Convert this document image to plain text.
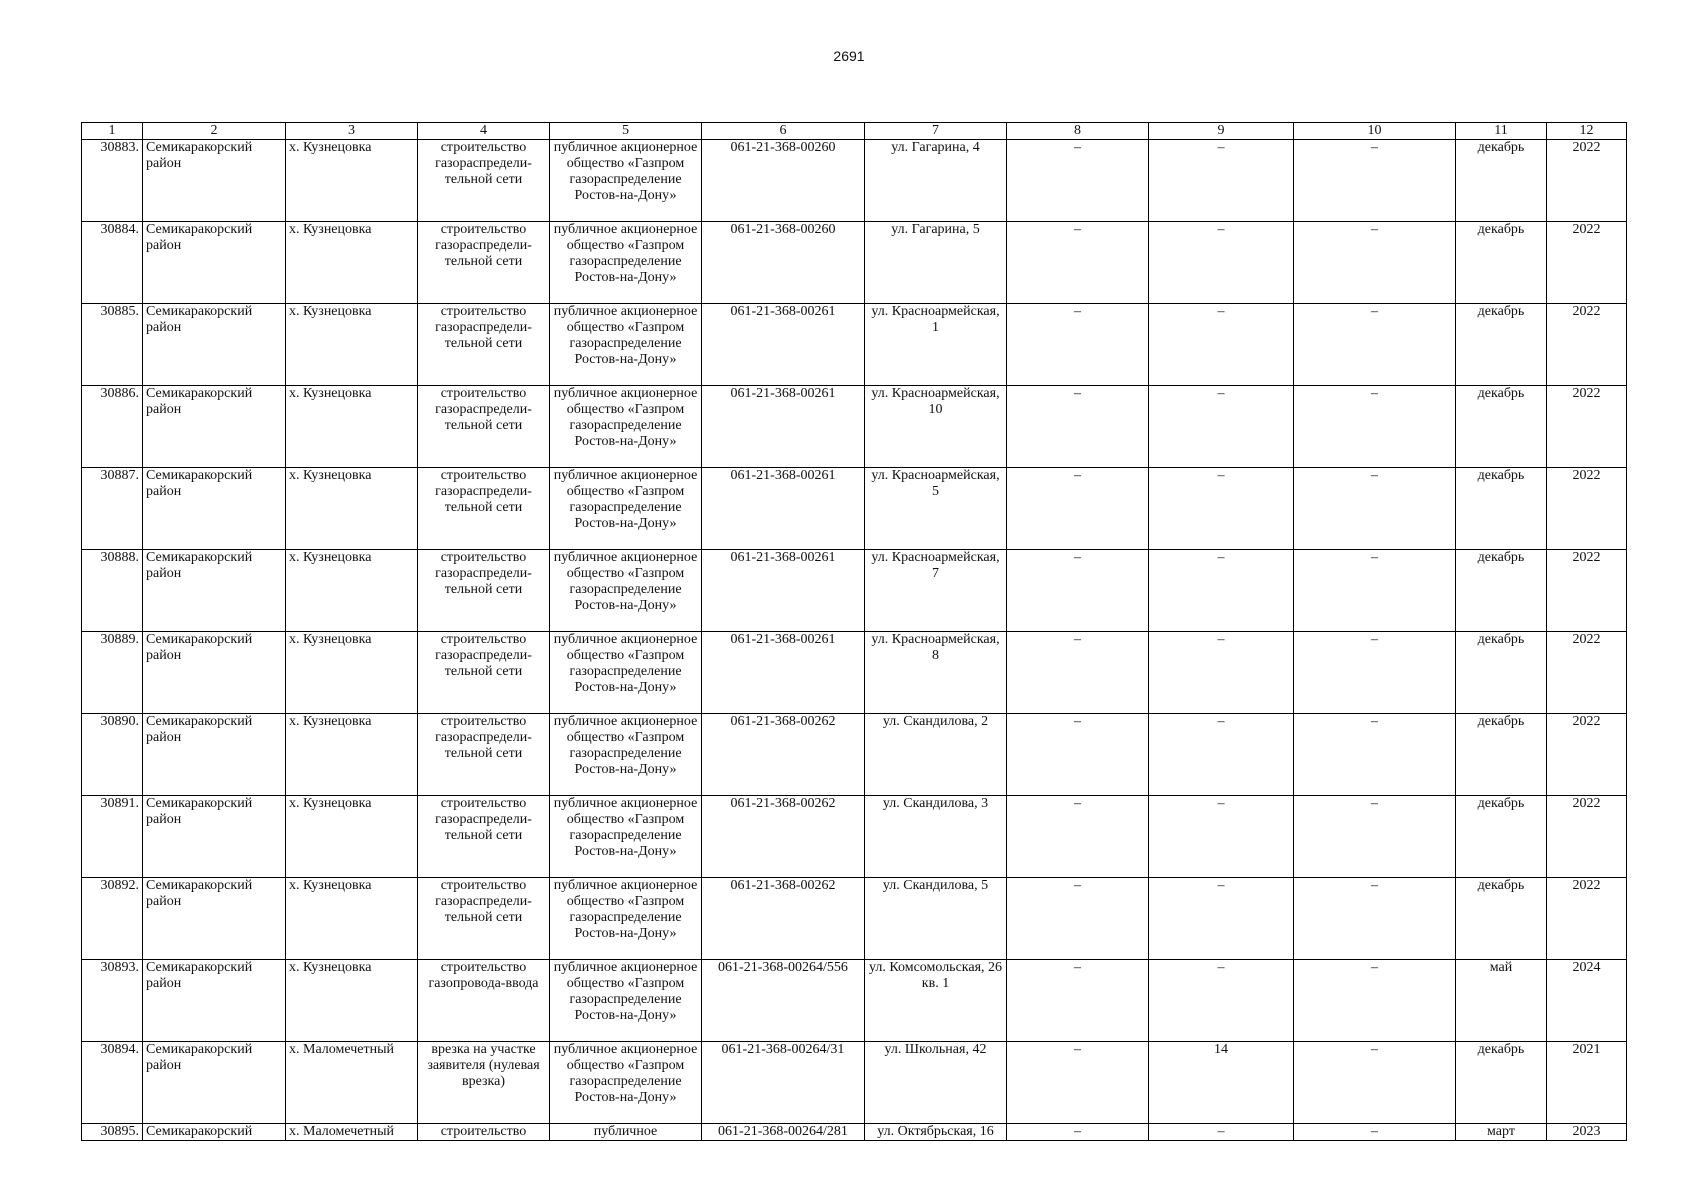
2691
1	2	3	4	5	6	7	8	9	10	11	12
30883.	Семикаракорский район	х. Кузнецовка	строительство газораспредели-тельной сети	публичное акционерное общество «Газпром газораспределение Ростов-на-Дону»	061-21-368-00260	ул. Гагарина, 4	–	–	–	декабрь	2022
30884.	Семикаракорский район	х. Кузнецовка	строительство газораспредели-тельной сети	публичное акционерное общество «Газпром газораспределение Ростов-на-Дону»	061-21-368-00260	ул. Гагарина, 5	–	–	–	декабрь	2022
30885.	Семикаракорский район	х. Кузнецовка	строительство газораспредели-тельной сети	публичное акционерное общество «Газпром газораспределение Ростов-на-Дону»	061-21-368-00261	ул. Красноармейская, 1	–	–	–	декабрь	2022
30886.	Семикаракорский район	х. Кузнецовка	строительство газораспредели-тельной сети	публичное акционерное общество «Газпром газораспределение Ростов-на-Дону»	061-21-368-00261	ул. Красноармейская, 10	–	–	–	декабрь	2022
30887.	Семикаракорский район	х. Кузнецовка	строительство газораспредели-тельной сети	публичное акционерное общество «Газпром газораспределение Ростов-на-Дону»	061-21-368-00261	ул. Красноармейская, 5	–	–	–	декабрь	2022
30888.	Семикаракорский район	х. Кузнецовка	строительство газораспредели-тельной сети	публичное акционерное общество «Газпром газораспределение Ростов-на-Дону»	061-21-368-00261	ул. Красноармейская, 7	–	–	–	декабрь	2022
30889.	Семикаракорский район	х. Кузнецовка	строительство газораспредели-тельной сети	публичное акционерное общество «Газпром газораспределение Ростов-на-Дону»	061-21-368-00261	ул. Красноармейская, 8	–	–	–	декабрь	2022
30890.	Семикаракорский район	х. Кузнецовка	строительство газораспредели-тельной сети	публичное акционерное общество «Газпром газораспределение Ростов-на-Дону»	061-21-368-00262	ул. Скандилова, 2	–	–	–	декабрь	2022
30891.	Семикаракорский район	х. Кузнецовка	строительство газораспредели-тельной сети	публичное акционерное общество «Газпром газораспределение Ростов-на-Дону»	061-21-368-00262	ул. Скандилова, 3	–	–	–	декабрь	2022
30892.	Семикаракорский район	х. Кузнецовка	строительство газораспредели-тельной сети	публичное акционерное общество «Газпром газораспределение Ростов-на-Дону»	061-21-368-00262	ул. Скандилова, 5	–	–	–	декабрь	2022
30893.	Семикаракорский район	х. Кузнецовка	строительство газопровода-ввода	публичное акционерное общество «Газпром газораспределение Ростов-на-Дону»	061-21-368-00264/556	ул. Комсомольская, 26 кв. 1	–	–	–	май	2024
30894.	Семикаракорский район	х. Маломечетный	врезка на участке заявителя (нулевая врезка)	публичное акционерное общество «Газпром газораспределение Ростов-на-Дону»	061-21-368-00264/31	ул. Школьная, 42	–	14	–	декабрь	2021
30895.	Семикаракорский	х. Маломечетный	строительство	публичное	061-21-368-00264/281	ул. Октябрьская, 16	–	–	–	март	2023
